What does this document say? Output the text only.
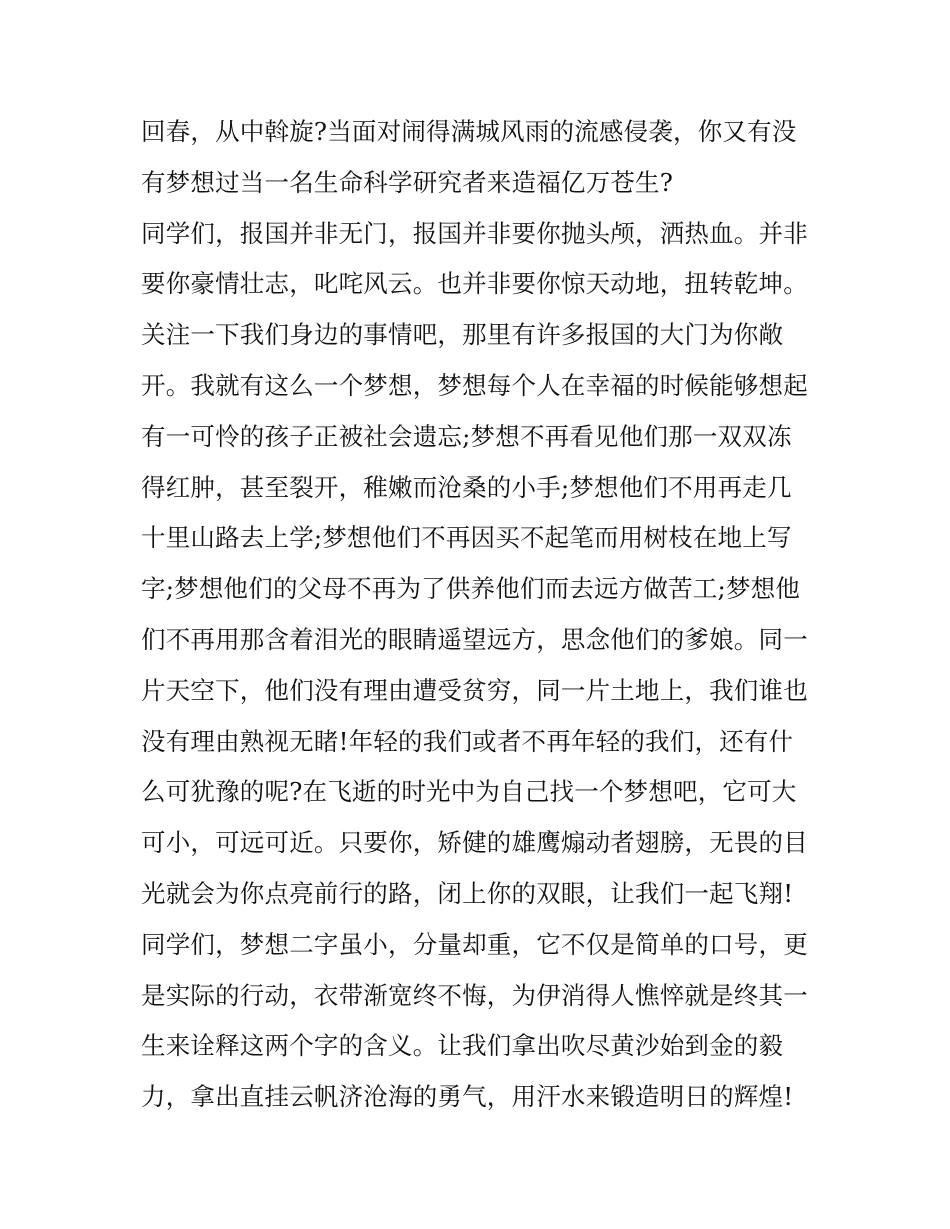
回春，从中斡旋?当面对闹得满城风雨的流感侵袭，你又有没
有梦想过当一名生命科学研究者来造福亿万苍生?
同学们，报国并非无门，报国并非要你抛头颅，洒热血。并非
要你豪情壮志，叱咤风云。也并非要你惊天动地，扭转乾坤。
关注一下我们身边的事情吧，那里有许多报国的大门为你敞
开。我就有这么一个梦想，梦想每个人在幸福的时候能够想起
有一可怜的孩子正被社会遗忘;梦想不再看见他们那一双双冻
得红肿，甚至裂开，稚嫩而沧桑的小手;梦想他们不用再走几
十里山路去上学;梦想他们不再因买不起笔而用树枝在地上写
字;梦想他们的父母不再为了供养他们而去远方做苦工;梦想他
们不再用那含着泪光的眼睛遥望远方，思念他们的爹娘。同一
片天空下，他们没有理由遭受贫穷，同一片土地上，我们谁也
没有理由熟视无睹!年轻的我们或者不再年轻的我们，还有什
么可犹豫的呢?在飞逝的时光中为自己找一个梦想吧，它可大
可小，可远可近。只要你，矫健的雄鹰煽动者翅膀，无畏的目
光就会为你点亮前行的路，闭上你的双眼，让我们一起飞翔!
同学们，梦想二字虽小，分量却重，它不仅是简单的口号，更
是实际的行动，衣带渐宽终不悔，为伊消得人憔悴就是终其一
生来诠释这两个字的含义。让我们拿出吹尽黄沙始到金的毅
力，拿出直挂云帆济沧海的勇气，用汗水来锻造明日的辉煌!
